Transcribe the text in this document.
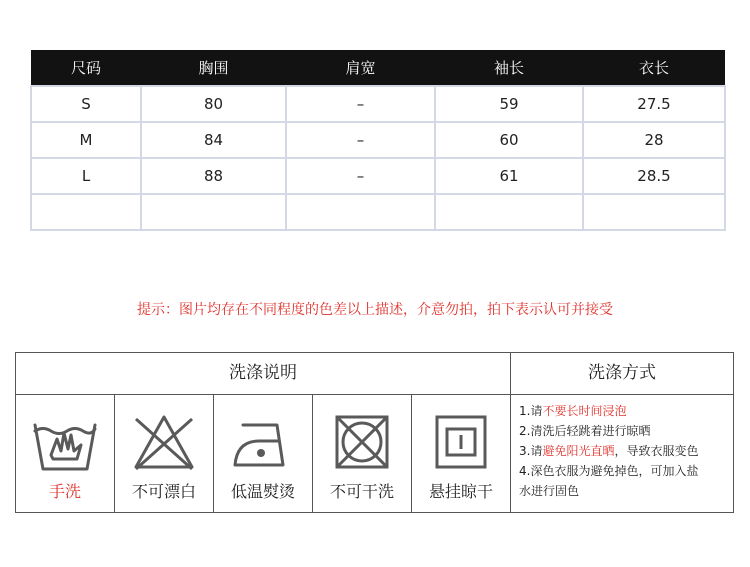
尺码	胸围	肩宽	袖长	衣长
S	80	–	59	27.5
M	84	–	60	28
L	88	–	61	28.5

提示：图片均存在不同程度的色差以上描述，介意勿拍，拍下表示认可并接受
洗涤说明	洗涤方式
手洗	不可漂白	低温熨烫	不可干洗	悬挂晾干
1.请不要长时间浸泡
2.清洗后轻跳着进行晾晒
3.请避免阳光直晒，导致衣服变色
4.深色衣服为避免掉色，可加入盐
水进行固色
